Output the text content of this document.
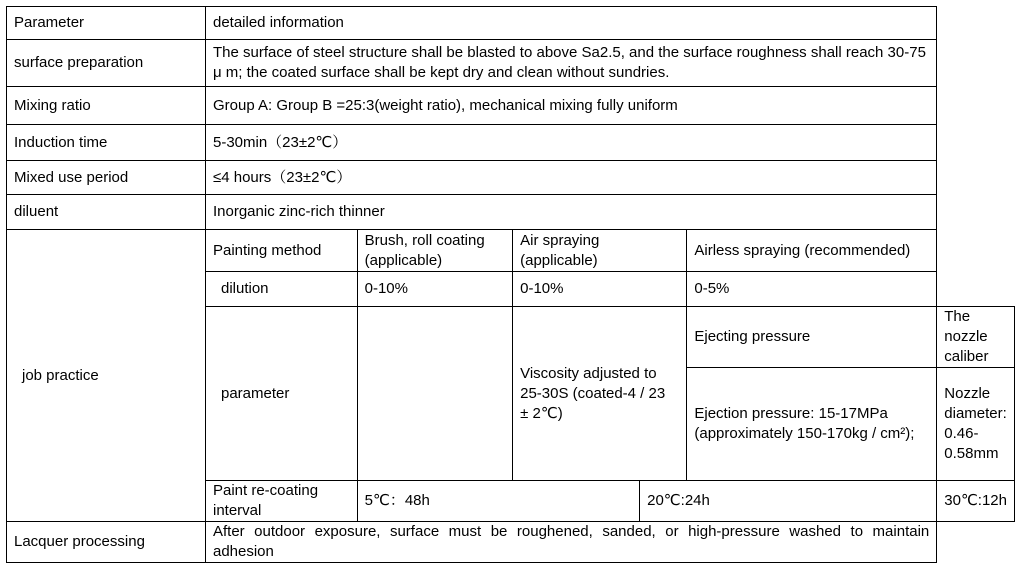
Parameter	detailed information					
surface preparation	The surface of steel structure shall be blasted to above Sa2.5, and the surface roughness shall reach 30-75 μ m; the coated surface shall be kept dry and clean without sundries.					
Mixing ratio	Group A: Group B =25:3(weight ratio), mechanical mixing fully uniform					
Induction time	5-30min（23±2℃）					
Mixed use period	≤4 hours（23±2℃）					
diluent	Inorganic zinc-rich thinner					
job practice	Painting method	Brush, roll coating (applicable)	Air spraying (applicable)		Airless spraying (recommended)	
	dilution	0-10%	0-10%		0-5%	
	parameter		Viscosity adjusted to 25-30S (coated-4 / 23 ± 2℃)		Ejecting pressure	The nozzle caliber
					Ejection pressure: 15-17MPa (approximately 150-170kg / cm²);	Nozzle diameter: 0.46-0.58mm
	Paint re-coating interval	5℃：48h		20℃:24h		30℃:12h
Lacquer processing	After outdoor exposure, surface must be roughened, sanded, or high-pressure washed to maintain adhesion					
